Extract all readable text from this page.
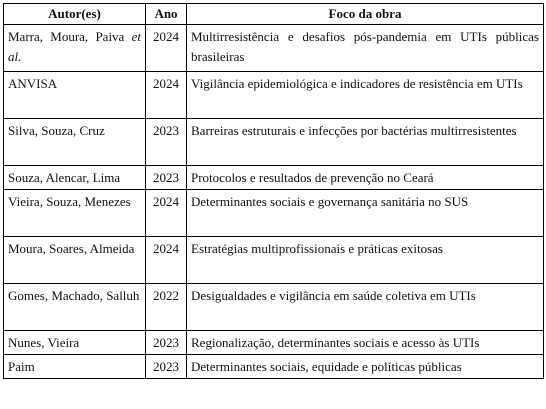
Autor(es)	Ano	Foco da obra
Marra, Moura, Paiva et al.	2024	Multirresistência e desafios pós-pandemia em UTIs públicas brasileiras
ANVISA	2024	Vigilância epidemiológica e indicadores de resistência em UTIs
Silva, Souza, Cruz	2023	Barreiras estruturais e infecções por bactérias multirresistentes
Souza, Alencar, Lima	2023	Protocolos e resultados de prevenção no Ceará
Vieira, Souza, Menezes	2024	Determinantes sociais e governança sanitária no SUS
Moura, Soares, Almeida	2024	Estratégias multiprofissionais e práticas exitosas
Gomes, Machado, Salluh	2022	Desigualdades e vigilância em saúde coletiva em UTIs
Nunes, Vieira	2023	Regionalização, determinantes sociais e acesso às UTIs
Paim	2023	Determinantes sociais, equidade e políticas públicas
